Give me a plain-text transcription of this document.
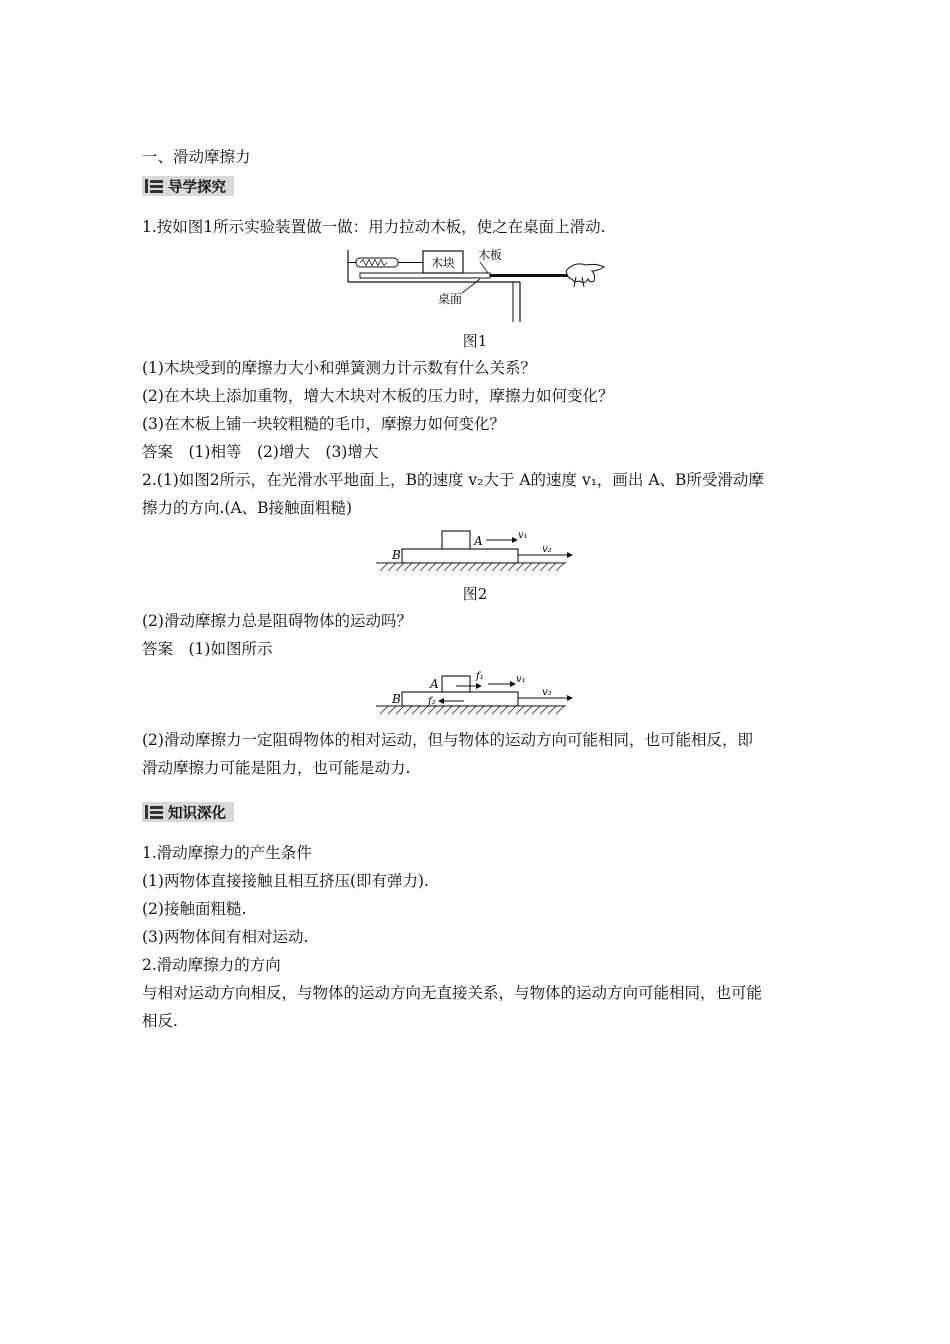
一、滑动摩擦力
导学探究
1.按如图1所示实验装置做一做：用力拉动木板，使之在桌面上滑动.
木块
木板
桌面
图1
(1)木块受到的摩擦力大小和弹簧测力计示数有什么关系？
(2)在木块上添加重物，增大木块对木板的压力时，摩擦力如何变化？
(3)在木板上铺一块较粗糙的毛巾，摩擦力如何变化？
答案　(1)相等　(2)增大　(3)增大
2.(1)如图2所示，在光滑水平地面上，B的速度 v₂大于 A的速度 v₁，画出 A、B所受滑动摩
擦力的方向.(A、B接触面粗糙)
A
B
v₁
v₂
图2
(2)滑动摩擦力总是阻碍物体的运动吗？
答案　(1)如图所示
A
B
f₁	v₁
f₂
v₂
(2)滑动摩擦力一定阻碍物体的相对运动，但与物体的运动方向可能相同，也可能相反，即
滑动摩擦力可能是阻力，也可能是动力.
知识深化
1.滑动摩擦力的产生条件
(1)两物体直接接触且相互挤压(即有弹力).
(2)接触面粗糙.
(3)两物体间有相对运动.
2.滑动摩擦力的方向
与相对运动方向相反，与物体的运动方向无直接关系，与物体的运动方向可能相同，也可能
相反.
